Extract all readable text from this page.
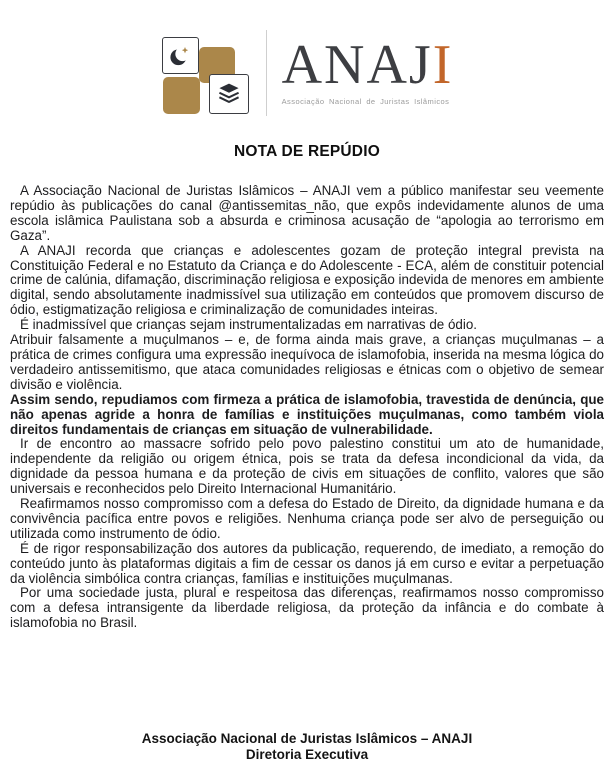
ANAJI
Associação Nacional de Juristas Islâmicos
NOTA DE REPÚDIO

A Associação Nacional de Juristas Islâmicos – ANAJI vem a público manifestar seu veemente repúdio às publicações do canal @antissemitas_não, que expôs indevidamente alunos de uma escola islâmica Paulistana sob a absurda e criminosa acusação de “apologia ao terrorismo em Gaza”.

A ANAJI recorda que crianças e adolescentes gozam de proteção integral prevista na Constituição Federal e no Estatuto da Criança e do Adolescente - ECA, além de constituir potencial crime de calúnia, difamação, discriminação religiosa e exposição indevida de menores em ambiente digital, sendo absolutamente inadmissível sua utilização em conteúdos que promovem discurso de ódio, estigmatização religiosa e criminalização de comunidades inteiras.

É inadmissível que crianças sejam instrumentalizadas em narrativas de ódio.

Atribuir falsamente a muçulmanos – e, de forma ainda mais grave, a crianças muçulmanas – a prática de crimes configura uma expressão inequívoca de islamofobia, inserida na mesma lógica do verdadeiro antissemitismo, que ataca comunidades religiosas e étnicas com o objetivo de semear divisão e violência.

Assim sendo, repudiamos com firmeza a prática de islamofobia, travestida de denúncia, que não apenas agride a honra de famílias e instituições muçulmanas, como também viola direitos fundamentais de crianças em situação de vulnerabilidade.

Ir de encontro ao massacre sofrido pelo povo palestino constitui um ato de humanidade, independente da religião ou origem étnica, pois se trata da defesa incondicional da vida, da dignidade da pessoa humana e da proteção de civis em situações de conflito, valores que são universais e reconhecidos pelo Direito Internacional Humanitário.

Reafirmamos nosso compromisso com a defesa do Estado de Direito, da dignidade humana e da convivência pacífica entre povos e religiões. Nenhuma criança pode ser alvo de perseguição ou utilizada como instrumento de ódio.

É de rigor responsabilização dos autores da publicação, requerendo, de imediato, a remoção do conteúdo junto às plataformas digitais a fim de cessar os danos já em curso e evitar a perpetuação da violência simbólica contra crianças, famílias e instituições muçulmanas.

Por uma sociedade justa, plural e respeitosa das diferenças, reafirmamos nosso compromisso com a defesa intransigente da liberdade religiosa, da proteção da infância e do combate à islamofobia no Brasil.

Associação Nacional de Juristas Islâmicos – ANAJI
Diretoria Executiva
